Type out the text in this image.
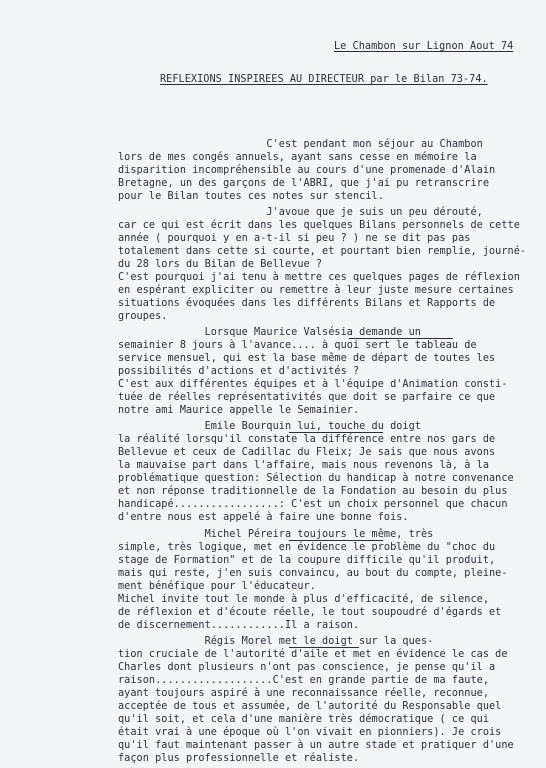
Le Chambon sur Lignon Aout 74
REFLEXIONS INSPIREES AU DIRECTEUR par le Bilan 73-74.
C'est pendant mon séjour au Chambon
lors de mes congés annuels, ayant sans cesse en mémoire la
disparition incompréhensible au cours d'une promenade d'Alain
Bretagne, un des garçons de l'ABRI, que j'ai pu retranscrire
pour le Bilan toutes ces notes sur stencil.
J'avoue que je suis un peu dérouté,
car ce qui est écrit dans les quelques Bilans personnels de cette
année ( pourquoi y en a-t-il si peu ? ) ne se dit pas pas
totalement dans cette si courte, et pourtant bien remplie, journé-
du 28 lors du Bilan de Bellevue ?
C'est pourquoi j'ai tenu à mettre ces quelques pages de réflexion
en espérant expliciter ou remettre à leur juste mesure certaines
situations évoquées dans les différents Bilans et Rapports de
groupes.
Lorsque Maurice Valsésia demande un
semainier 8 jours à l'avance.... à quoi sert le tableau de
service mensuel, qui est la base même de départ de toutes les
possibilités d'actions et d'activités ?
C'est aux différentes équipes et à l'équipe d'Animation consti-
tuée de réelles représentativités que doit se parfaire ce que
notre ami Maurice appelle le Semainier.
Emile Bourquin lui, touche du doigt
la réalité lorsqu'il constate la différence entre nos gars de
Bellevue et ceux de Cadillac du Fleix; Je sais que nous avons
la mauvaise part dans l'affaire, mais nous revenons là, à la
problématique question: Sélection du handicap à notre convenance
et non réponse traditionnelle de la Fondation au besoin du plus
handicapé.................: C'est un choix personnel que chacun
d'entre nous est appelé à faire une bonne fois.
Michel Péreira toujours le même, très
simple, très logique, met en évidence le problème du "choc du
stage de Formation" et de la coupure difficile qu'il produit,
mais qui reste, j'en suis convaincu, au bout du compte, pleine-
ment bénéfique pour l'éducateur.
Michel invite tout le monde à plus d'efficacité, de silence,
de réflexion et d'écoute réelle, le tout soupoudré d'égards et
de discernement............Il a raison.
Régis Morel met le doigt sur la ques-
tion cruciale de l'autorité d'aile et met en évidence le cas de
Charles dont plusieurs n'ont pas conscience, je pense qu'il a
raison...................C'est en grande partie de ma faute,
ayant toujours aspiré à une reconnaissance réelle, reconnue,
acceptée de tous et assumée, de l'autorité du Responsable quel
qu'il soit, et cela d'une manière très démocratique ( ce qui
était vrai à une époque où l'on vivait en pionniers). Je crois
qu'il faut maintenant passer à un autre stade et pratiquer d'une
façon plus professionnelle et réaliste.
